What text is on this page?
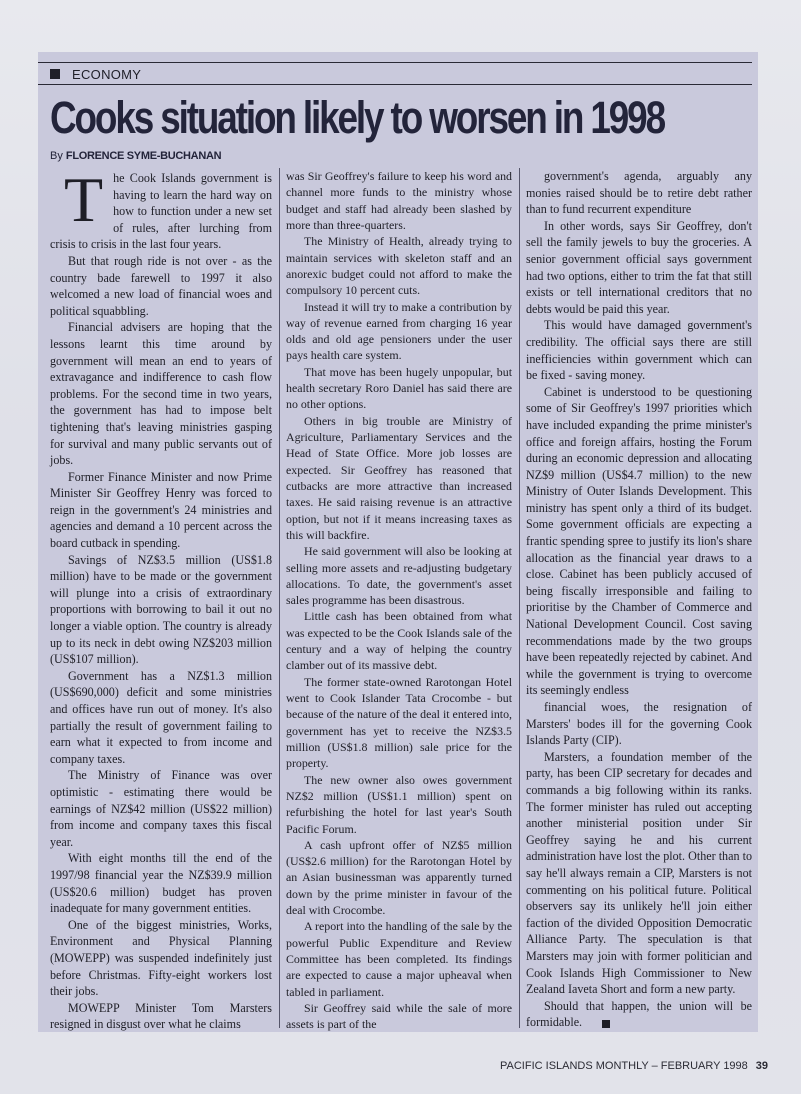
ECONOMY
Cooks situation likely to worsen in 1998
By FLORENCE SYME-BUCHANAN

The Cook Islands government is having to learn the hard way on how to function under a new set of rules, after lurching from crisis to crisis in the last four years.

But that rough ride is not over - as the country bade farewell to 1997 it also welcomed a new load of financial woes and political squabbling.

Financial advisers are hoping that the lessons learnt this time around by government will mean an end to years of extravagance and indifference to cash flow problems. For the second time in two years, the government has had to impose belt tightening that's leaving ministries gasping for survival and many public servants out of jobs.

Former Finance Minister and now Prime Minister Sir Geoffrey Henry was forced to reign in the government's 24 ministries and agencies and demand a 10 percent across the board cutback in spending.

Savings of NZ$3.5 million (US$1.8 million) have to be made or the government will plunge into a crisis of extraordinary proportions with borrowing to bail it out no longer a viable option. The country is already up to its neck in debt owing NZ$203 million (US$107 million).

Government has a NZ$1.3 million (US$690,000) deficit and some ministries and offices have run out of money. It's also partially the result of government failing to earn what it expected to from income and company taxes.

The Ministry of Finance was over optimistic - estimating there would be earnings of NZ$42 million (US$22 million) from income and company taxes this fiscal year.

With eight months till the end of the 1997/98 financial year the NZ$39.9 million (US$20.6 million) budget has proven inadequate for many government entities.

One of the biggest ministries, Works, Environment and Physical Planning (MOWEPP) was suspended indefinitely just before Christmas. Fifty-eight workers lost their jobs.

MOWEPP Minister Tom Marsters resigned in disgust over what he claims

was Sir Geoffrey's failure to keep his word and channel more funds to the ministry whose budget and staff had already been slashed by more than three-quarters.

The Ministry of Health, already trying to maintain services with skeleton staff and an anorexic budget could not afford to make the compulsory 10 percent cuts.

Instead it will try to make a contribution by way of revenue earned from charging 16 year olds and old age pensioners under the user pays health care system.

That move has been hugely unpopular, but health secretary Roro Daniel has said there are no other options.

Others in big trouble are Ministry of Agriculture, Parliamentary Services and the Head of State Office. More job losses are expected. Sir Geoffrey has reasoned that cutbacks are more attractive than increased taxes. He said raising revenue is an attractive option, but not if it means increasing taxes as this will backfire.

He said government will also be looking at selling more assets and re-adjusting budgetary allocations. To date, the government's asset sales programme has been disastrous.

Little cash has been obtained from what was expected to be the Cook Islands sale of the century and a way of helping the country clamber out of its massive debt.

The former state-owned Rarotongan Hotel went to Cook Islander Tata Crocombe - but because of the nature of the deal it entered into, government has yet to receive the NZ$3.5 million (US$1.8 million) sale price for the property.

The new owner also owes government NZ$2 million (US$1.1 million) spent on refurbishing the hotel for last year's South Pacific Forum.

A cash upfront offer of NZ$5 million (US$2.6 million) for the Rarotongan Hotel by an Asian businessman was apparently turned down by the prime minister in favour of the deal with Crocombe.

A report into the handling of the sale by the powerful Public Expenditure and Review Committee has been completed. Its findings are expected to cause a major upheaval when tabled in parliament.

Sir Geoffrey said while the sale of more assets is part of the

government's agenda, arguably any monies raised should be to retire debt rather than to fund recurrent expenditure

In other words, says Sir Geoffrey, don't sell the family jewels to buy the groceries. A senior government official says government had two options, either to trim the fat that still exists or tell international creditors that no debts would be paid this year.

This would have damaged government's credibility. The official says there are still inefficiencies within government which can be fixed - saving money.

Cabinet is understood to be questioning some of Sir Geoffrey's 1997 priorities which have included expanding the prime minister's office and foreign affairs, hosting the Forum during an economic depression and allocating NZ$9 million (US$4.7 million) to the new Ministry of Outer Islands Development. This ministry has spent only a third of its budget. Some government officials are expecting a frantic spending spree to justify its lion's share allocation as the financial year draws to a close. Cabinet has been publicly accused of being fiscally irresponsible and failing to prioritise by the Chamber of Commerce and National Development Council. Cost saving recommendations made by the two groups have been repeatedly rejected by cabinet. And while the government is trying to overcome its seemingly endless

financial woes, the resignation of Marsters' bodes ill for the governing Cook Islands Party (CIP).

Marsters, a foundation member of the party, has been CIP secretary for decades and commands a big following within its ranks. The former minister has ruled out accepting another ministerial position under Sir Geoffrey saying he and his current administration have lost the plot. Other than to say he'll always remain a CIP, Marsters is not commenting on his political future. Political observers say its unlikely he'll join either faction of the divided Opposition Democratic Alliance Party. The speculation is that Marsters may join with former politician and Cook Islands High Commissioner to New Zealand Iaveta Short and form a new party.

Should that happen, the union will be formidable.

PACIFIC ISLANDS MONTHLY – FEBRUARY 1998 39
